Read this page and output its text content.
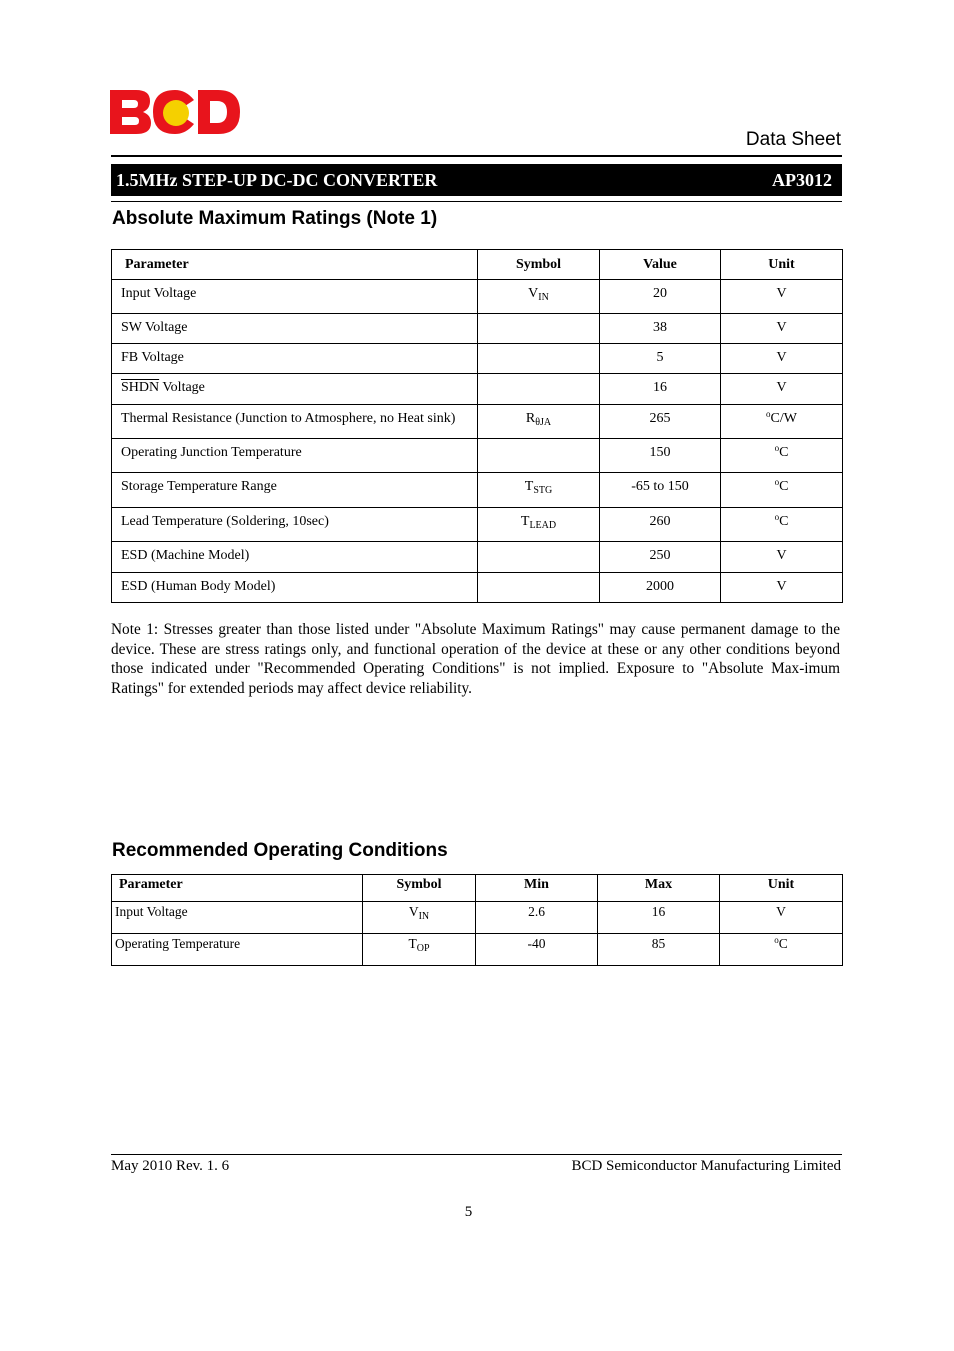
Data Sheet
1.5MHz STEP-UP DC-DC CONVERTER	AP3012
Absolute Maximum Ratings (Note 1)
Parameter	Symbol	Value	Unit
Input Voltage	$V_{IN}$	20	V
SW Voltage		38	V
FB Voltage		5	V
SHDN Voltage		16	V
Thermal Resistance (Junction to Atmosphere, no Heat sink)	$R_{\theta JA}$	265	$^o$C/W
Operating Junction Temperature		150	$^o$C
Storage Temperature Range	$T_{STG}$	-65 to 150	$^o$C
Lead Temperature (Soldering, 10sec)	$T_{LEAD}$	260	$^o$C
ESD (Machine Model)		250	V
ESD (Human Body Model)		2000	V
Note 1: Stresses greater than those listed under "Absolute Maximum Ratings" may cause permanent damage to the device. These are stress ratings only, and functional operation of the device at these or any other conditions beyond those indicated under "Recommended Operating Conditions" is not implied. Exposure to "Absolute Max-imum Ratings" for extended periods may affect device reliability.
Recommended Operating Conditions
Parameter	Symbol	Min	Max	Unit
Input Voltage	$V_{IN}$	2.6	16	V
Operating Temperature	$T_{OP}$	-40	85	$^o$C
May 2010 Rev. 1. 6	BCD Semiconductor Manufacturing Limited
5
